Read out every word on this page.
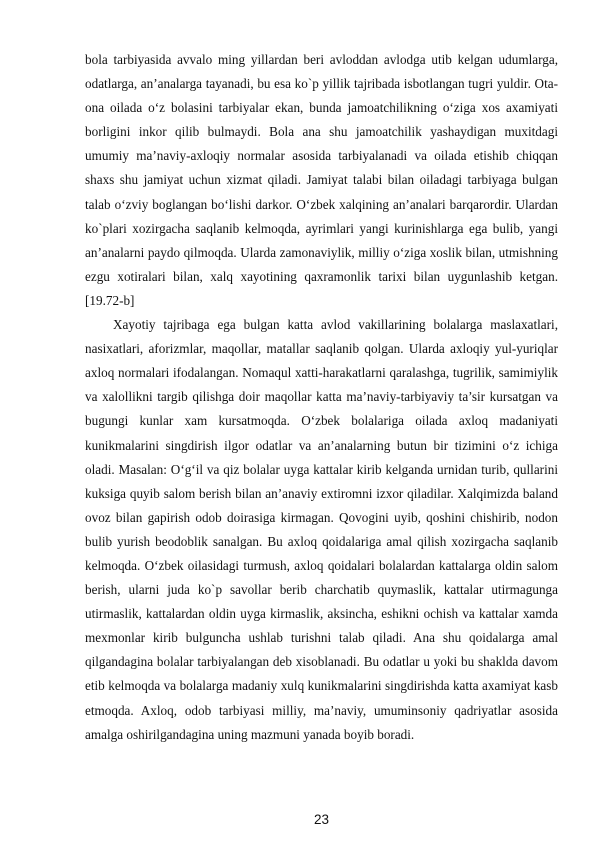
bola tarbiyasida avvalo ming yillardan beri avloddan avlodga utib kelgan udumlarga, odatlarga, an’analarga tayanadi, bu esa ko`p yillik tajribada isbotlangan tugri yuldir. Ota-ona oilada o‘z bolasini tarbiyalar ekan, bunda jamoatchilikning o‘ziga xos axamiyati borligini inkor qilib bulmaydi. Bola ana shu jamoatchilik yashaydigan muxitdagi umumiy ma’naviy-axloqiy normalar asosida tarbiyalanadi va oilada etishib chiqqan shaxs shu jamiyat uchun xizmat qiladi. Jamiyat talabi bilan oiladagi tarbiyaga bulgan talab o‘zviy boglangan bo‘lishi darkor. O‘zbek xalqining an’analari barqarordir. Ulardan ko`plari xozirgacha saqlanib kelmoqda, ayrimlari yangi kurinishlarga ega bulib, yangi an’analarni paydo qilmoqda. Ularda zamonaviylik, milliy o‘ziga xoslik bilan, utmishning ezgu xotiralari bilan, xalq xayotining qaxramonlik tarixi bilan uygunlashib ketgan. [19.72-b]

Xayotiy tajribaga ega bulgan katta avlod vakillarining bolalarga maslaxatlari, nasixatlari, aforizmlar, maqollar, matallar saqlanib qolgan. Ularda axloqiy yul-yuriqlar axloq normalari ifodalangan. Nomaqul xatti-harakatlarni qaralashga, tugrilik, samimiylik va xalollikni targib qilishga doir maqollar katta ma’naviy-tarbiyaviy ta’sir kursatgan va bugungi kunlar xam kursatmoqda. O‘zbek bolalariga oilada axloq madaniyati kunikmalarini singdirish ilgor odatlar va an’analarning butun bir tizimini o‘z ichiga oladi. Masalan: O‘g‘il va qiz bolalar uyga kattalar kirib kelganda urnidan turib, qullarini kuksiga quyib salom berish bilan an’anaviy extiromni izxor qiladilar. Xalqimizda baland ovoz bilan gapirish odob doirasiga kirmagan. Qovogini uyib, qoshini chishirib, nodon bulib yurish beodoblik sanalgan. Bu axloq qoidalariga amal qilish xozirgacha saqlanib kelmoqda. O‘zbek oilasidagi turmush, axloq qoidalari bolalardan kattalarga oldin salom berish, ularni juda ko`p savollar berib charchatib quymaslik, kattalar utirmagunga utirmaslik, kattalardan oldin uyga kirmaslik, aksincha, eshikni ochish va kattalar xamda mexmonlar kirib bulguncha ushlab turishni talab qiladi. Ana shu qoidalarga amal qilgandagina bolalar tarbiyalangan deb xisoblanadi. Bu odatlar u yoki bu shaklda davom etib kelmoqda va bolalarga madaniy xulq kunikmalarini singdirishda katta axamiyat kasb etmoqda. Axloq, odob tarbiyasi milliy, ma’naviy, umuminsoniy qadriyatlar asosida amalga oshirilgandagina uning mazmuni yanada boyib boradi.

23
